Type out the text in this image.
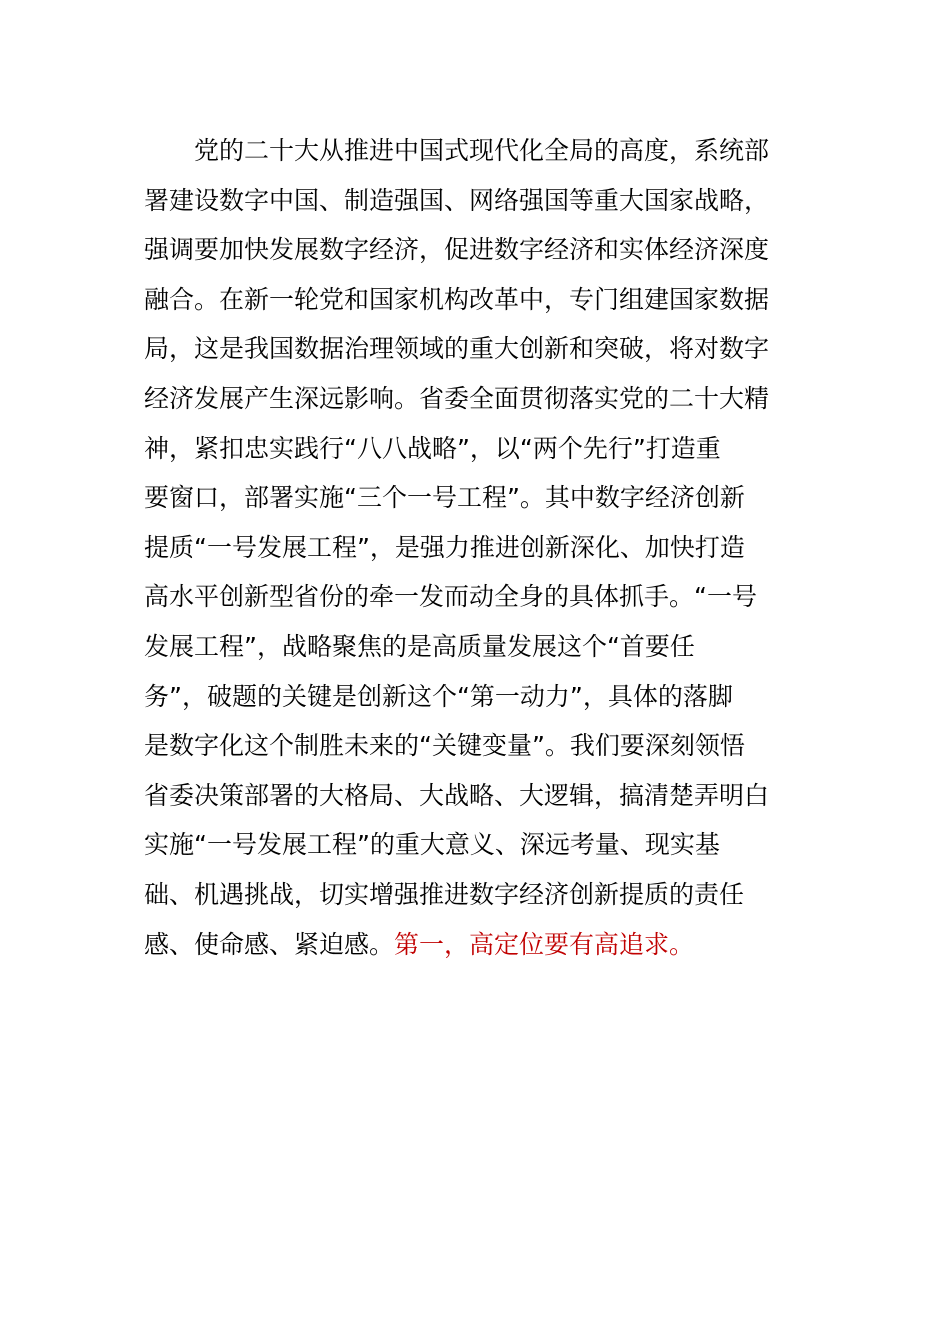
党的二十大从推进中国式现代化全局的高度，系统部
署建设数字中国、制造强国、网络强国等重大国家战略，
强调要加快发展数字经济，促进数字经济和实体经济深度
融合。在新一轮党和国家机构改革中，专门组建国家数据
局，这是我国数据治理领域的重大创新和突破，将对数字
经济发展产生深远影响。省委全面贯彻落实党的二十大精
神，紧扣忠实践行“八八战略”，以“两个先行”打造重
要窗口，部署实施“三个一号工程”。其中数字经济创新
提质“一号发展工程”，是强力推进创新深化、加快打造
高水平创新型省份的牵一发而动全身的具体抓手。“一号
发展工程”，战略聚焦的是高质量发展这个“首要任
务”，破题的关键是创新这个“第一动力”，具体的落脚
是数字化这个制胜未来的“关键变量”。我们要深刻领悟
省委决策部署的大格局、大战略、大逻辑，搞清楚弄明白
实施“一号发展工程”的重大意义、深远考量、现实基
础、机遇挑战，切实增强推进数字经济创新提质的责任
感、使命感、紧迫感。第一，高定位要有高追求。
